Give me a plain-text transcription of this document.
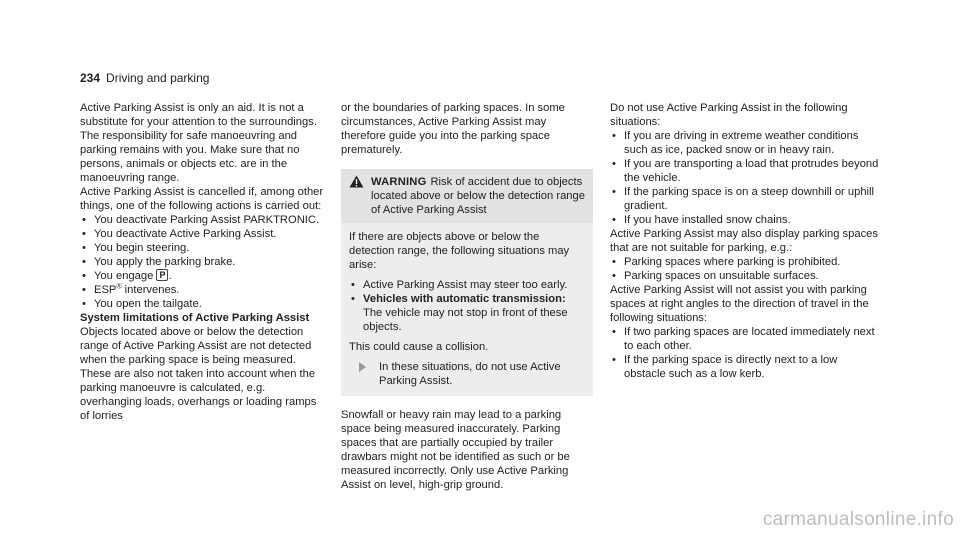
234 Driving and parking

Active Parking Assist is only an aid. It is not a substitute for your attention to the surroundings. The responsibility for safe manoeuvring and parking remains with you. Make sure that no persons, animals or objects etc. are in the manoeuvring range.

Active Parking Assist is cancelled if, among other things, one of the following actions is carried out:

• You deactivate Parking Assist PARKTRONIC.
• You deactivate Active Parking Assist.
• You begin steering.
• You apply the parking brake.
• You engage P .
• ESP® intervenes.
• You open the tailgate.

System limitations of Active Parking Assist

Objects located above or below the detection range of Active Parking Assist are not detected when the parking space is being measured. These are also not taken into account when the parking manoeuvre is calculated, e.g. overhanging loads, overhangs or loading ramps of lorries

or the boundaries of parking spaces. In some circumstances, Active Parking Assist may therefore guide you into the parking space prematurely.

WARNING Risk of accident due to objects located above or below the detection range of Active Parking Assist

If there are objects above or below the detection range, the following situations may arise:

• Active Parking Assist may steer too early.
• Vehicles with automatic transmission: The vehicle may not stop in front of these objects.

This could cause a collision.

In these situations, do not use Active Parking Assist.

Snowfall or heavy rain may lead to a parking space being measured inaccurately. Parking spaces that are partially occupied by trailer drawbars might not be identified as such or be measured incorrectly. Only use Active Parking Assist on level, high-grip ground.

Do not use Active Parking Assist in the following situations:

• If you are driving in extreme weather conditions such as ice, packed snow or in heavy rain.
• If you are transporting a load that protrudes beyond the vehicle.
• If the parking space is on a steep downhill or uphill gradient.
• If you have installed snow chains.

Active Parking Assist may also display parking spaces that are not suitable for parking, e.g.:

• Parking spaces where parking is prohibited.
• Parking spaces on unsuitable surfaces.

Active Parking Assist will not assist you with parking spaces at right angles to the direction of travel in the following situations:

• If two parking spaces are located immediately next to each other.
• If the parking space is directly next to a low obstacle such as a low kerb.
carmanualsonline.info
